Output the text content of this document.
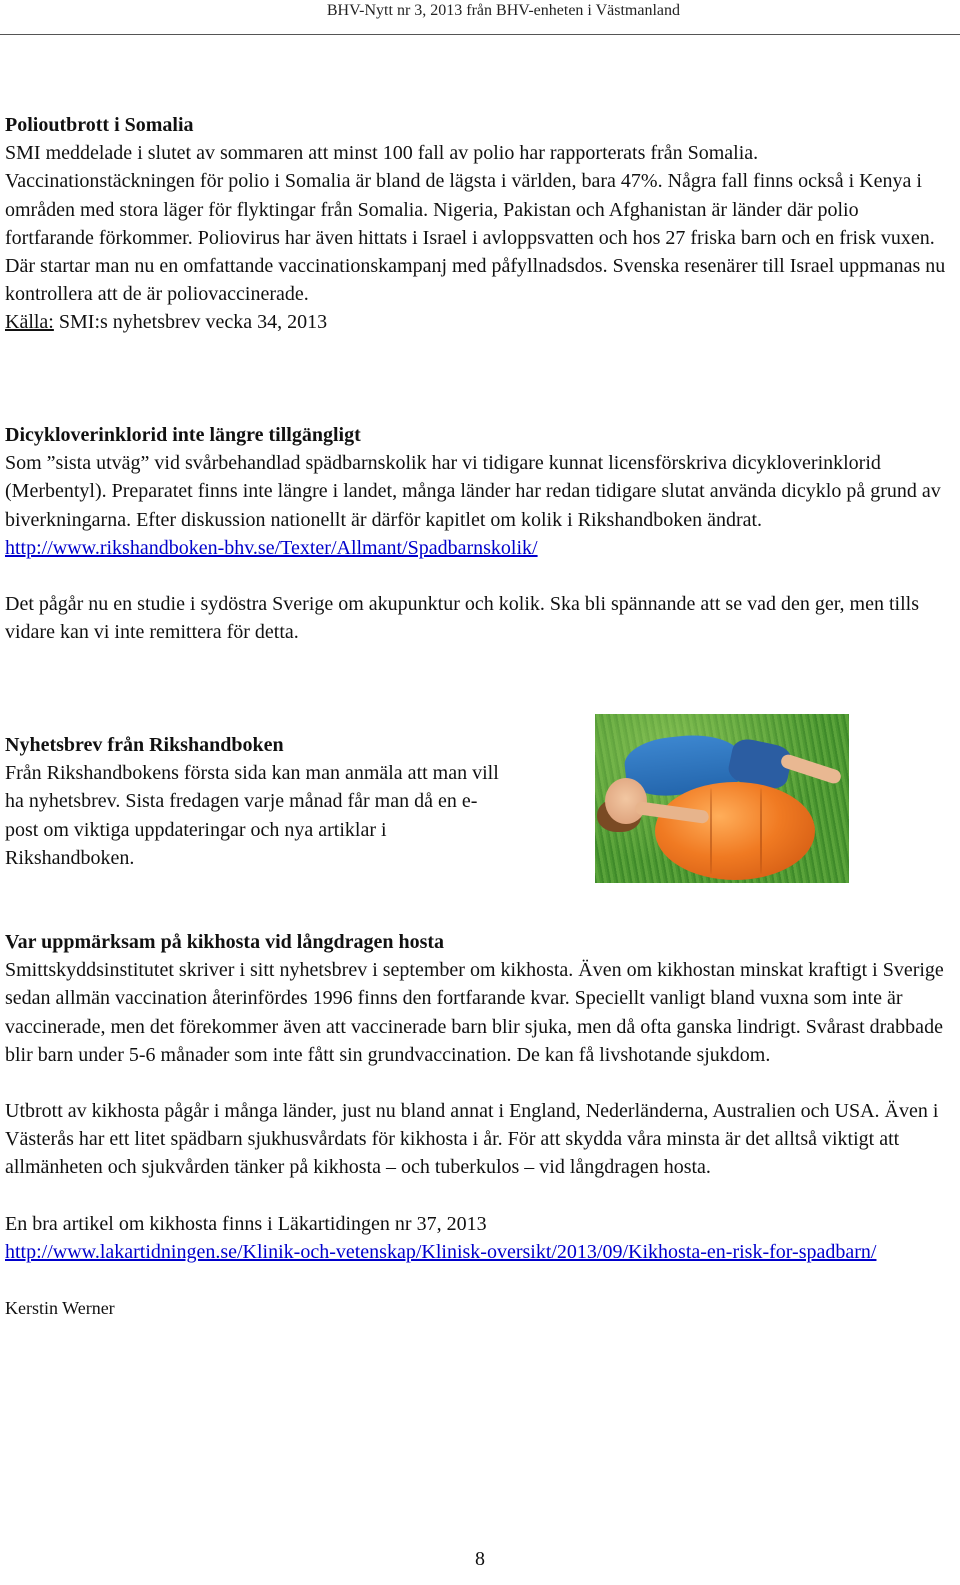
BHV-Nytt nr 3, 2013 från BHV-enheten i Västmanland
Polioutbrott i Somalia

SMI meddelade i slutet av sommaren att minst 100 fall av polio har rapporterats från Somalia. Vaccinationstäckningen för polio i Somalia är bland de lägsta i världen, bara 47%. Några fall finns också i Kenya i områden med stora läger för flyktingar från Somalia. Nigeria, Pakistan och Afghanistan är länder där polio fortfarande förkommer. Poliovirus har även hittats i Israel i avloppsvatten och hos 27 friska barn och en frisk vuxen. Där startar man nu en omfattande vaccinationskampanj med påfyllnadsdos. Svenska resenärer till Israel uppmanas nu kontrollera att de är poliovaccinerade.

Källa: SMI:s nyhetsbrev vecka 34, 2013

Dicykloverinklorid inte längre tillgängligt

Som ”sista utväg” vid svårbehandlad spädbarnskolik har vi tidigare kunnat licensförskriva dicykloverinklorid (Merbentyl). Preparatet finns inte längre i landet, många länder har redan tidigare slutat använda dicyklo på grund av biverkningarna. Efter diskussion nationellt är därför kapitlet om kolik i Rikshandboken ändrat.

http://www.rikshandboken-bhv.se/Texter/Allmant/Spadbarnskolik/

Det pågår nu en studie i sydöstra Sverige om akupunktur och kolik. Ska bli spännande att se vad den ger, men tills vidare kan vi inte remittera för detta.

Nyhetsbrev från Rikshandboken

Från Rikshandbokens första sida kan man anmäla att man vill ha nyhetsbrev. Sista fredagen varje månad får man då en e-post om viktiga uppdateringar och nya artiklar i Rikshandboken.

Var uppmärksam på kikhosta vid långdragen hosta

Smittskyddsinstitutet skriver i sitt nyhetsbrev i september om kikhosta. Även om kikhostan minskat kraftigt i Sverige sedan allmän vaccination återinfördes 1996 finns den fortfarande kvar. Speciellt vanligt bland vuxna som inte är vaccinerade, men det förekommer även att vaccinerade barn blir sjuka, men då ofta ganska lindrigt. Svårast drabbade blir barn under 5-6 månader som inte fått sin grundvaccination. De kan få livshotande sjukdom.

Utbrott av kikhosta pågår i många länder, just nu bland annat i England, Nederländerna, Australien och USA. Även i Västerås har ett litet spädbarn sjukhusvårdats för kikhosta i år. För att skydda våra minsta är det alltså viktigt att allmänheten och sjukvården tänker på kikhosta – och tuberkulos – vid långdragen hosta.

En bra artikel om kikhosta finns i Läkartidingen nr 37, 2013

http://www.lakartidningen.se/Klinik-och-vetenskap/Klinisk-oversikt/2013/09/Kikhosta-en-risk-for-spadbarn/

Kerstin Werner

8
